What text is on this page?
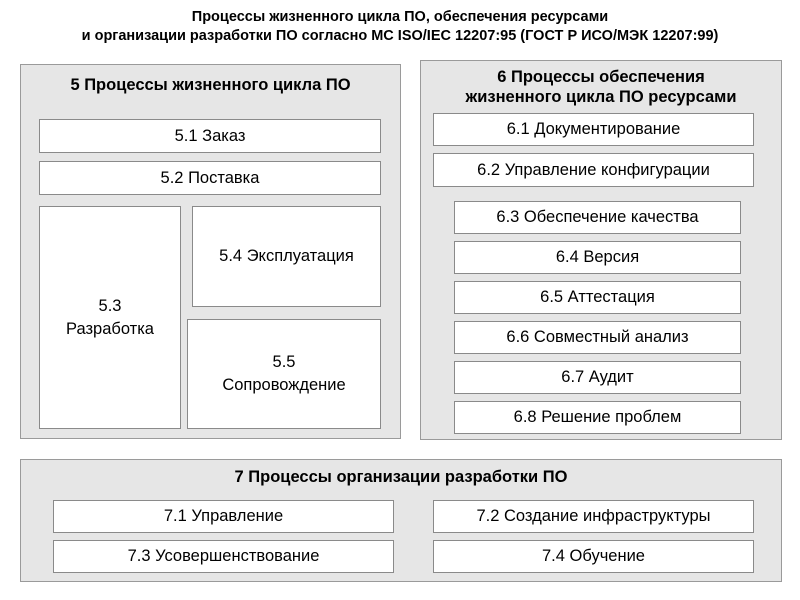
Процессы жизненного цикла ПО, обеспечения ресурсами
и организации разработки ПО согласно МС ISO/IEC 12207:95 (ГОСТ Р ИСО/МЭК 12207:99)
5 Процессы жизненного цикла ПО
5.1 Заказ
5.2 Поставка
5.3
Разработка
5.4 Эксплуатация
5.5
Сопровождение
6 Процессы обеспечения
жизненного цикла ПО ресурсами
6.1 Документирование
6.2 Управление конфигурации
6.3 Обеспечение качества
6.4 Версия
6.5 Аттестация
6.6 Совместный анализ
6.7 Аудит
6.8 Решение проблем
7 Процессы организации разработки ПО
7.1 Управление	7.2 Создание инфраструктуры
7.3 Усовершенствование	7.4 Обучение
